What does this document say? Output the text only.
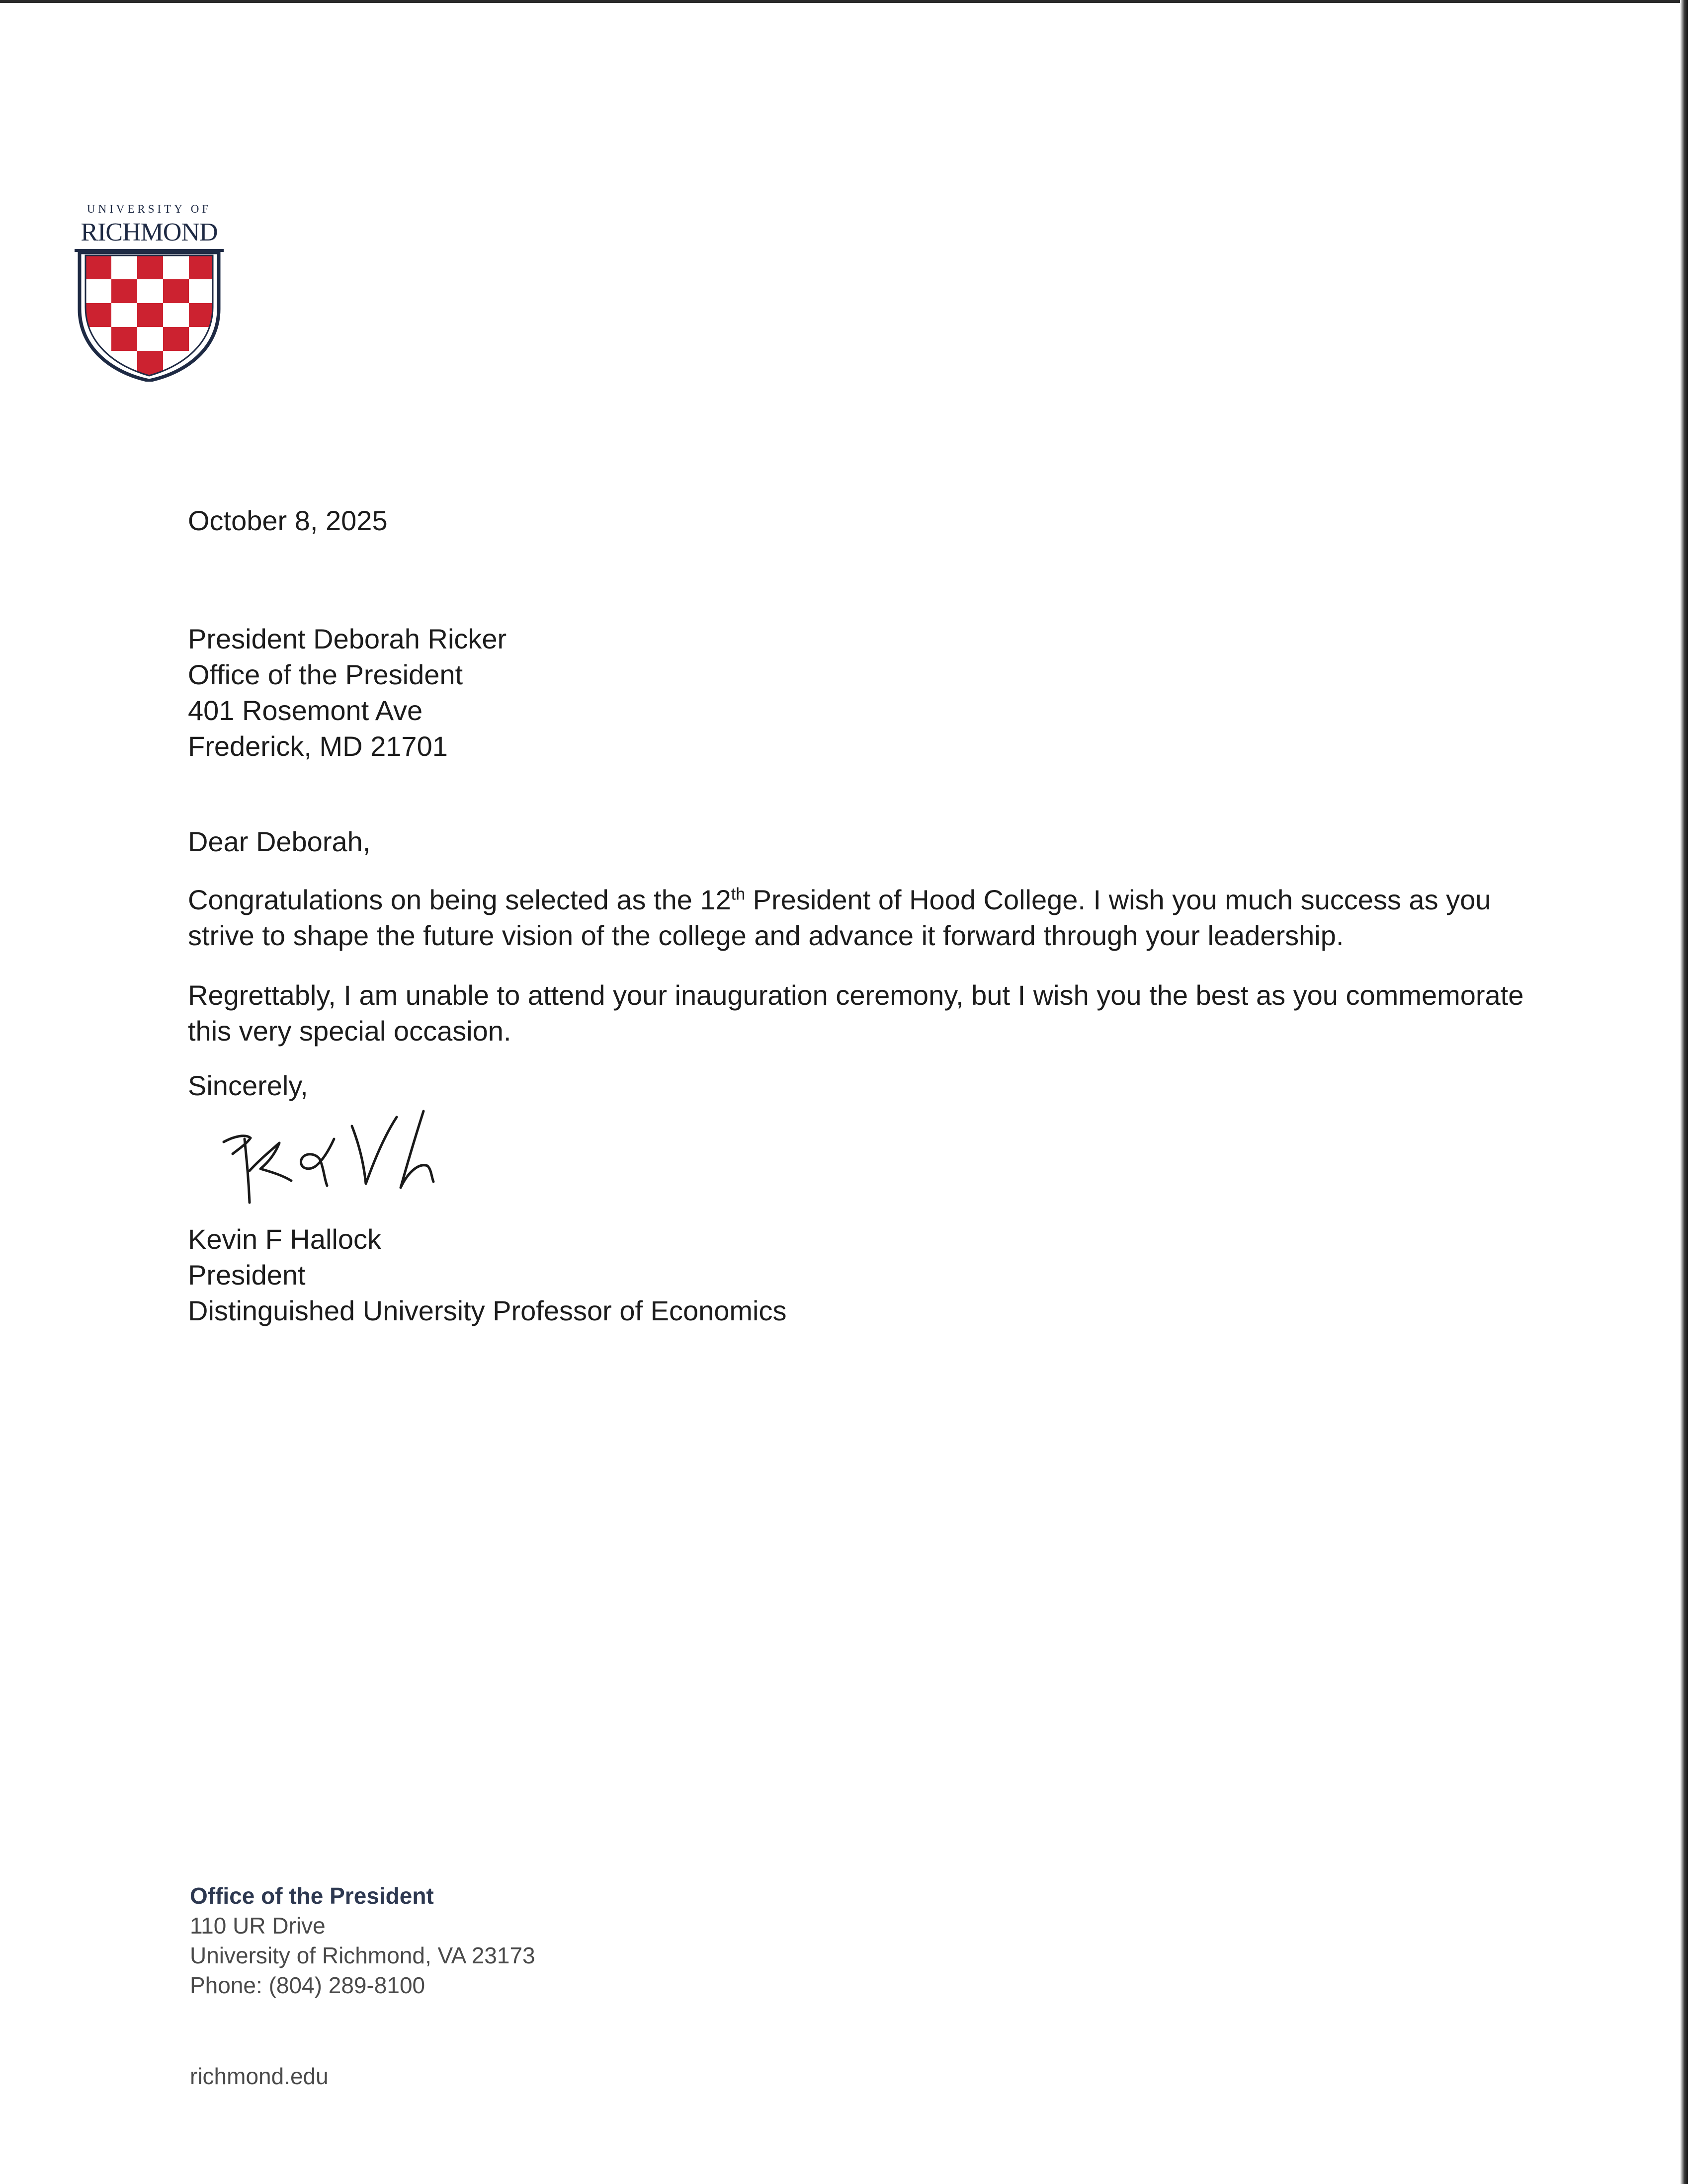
UNIVERSITY OF
RICHMOND
October 8, 2025
President Deborah Ricker
Office of the President
401 Rosemont Ave
Frederick, MD 21701
Dear Deborah,

Congratulations on being selected as the 12th President of Hood College. I wish you much success as you strive to shape the future vision of the college and advance it forward through your leadership.

Regrettably, I am unable to attend your inauguration ceremony, but I wish you the best as you commemorate this very special occasion.

Sincerely,
Kevin F Hallock
President
Distinguished University Professor of Economics
Office of the President
110 UR Drive
University of Richmond, VA 23173
Phone: (804) 289-8100
richmond.edu
